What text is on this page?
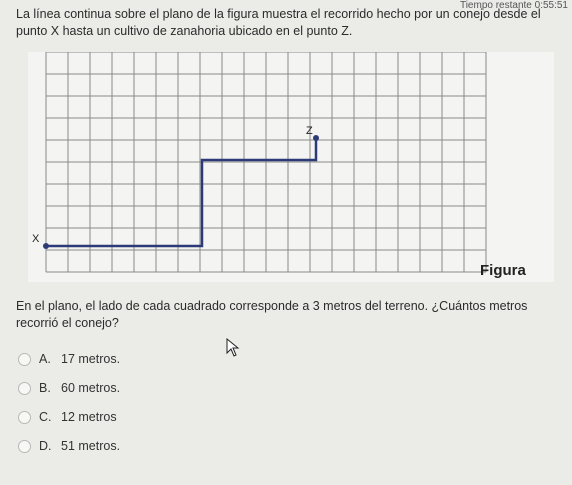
Tiempo restante 0:55:51
La línea continua sobre el plano de la figura muestra el recorrido hecho por un conejo desde el punto X hasta un cultivo de zanahoria ubicado en el punto Z.
X
Z
Figura
En el plano, el lado de cada cuadrado corresponde a 3 metros del terreno. ¿Cuántos metros recorrió el conejo?
A. 17 metros.
B. 60 metros.
C. 12 metros
D. 51 metros.
